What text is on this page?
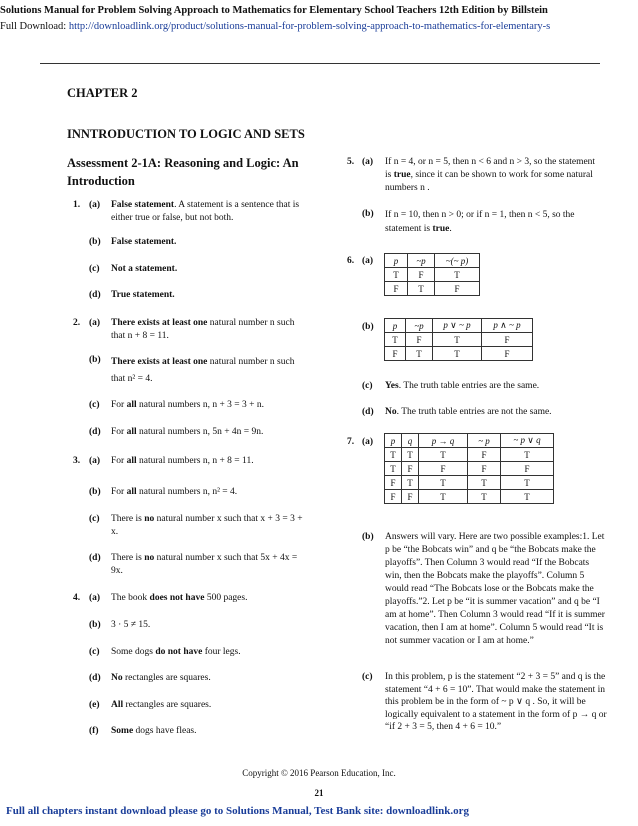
Solutions Manual for Problem Solving Approach to Mathematics for Elementary School Teachers 12th Edition by Billstein
Full Download: http://downloadlink.org/product/solutions-manual-for-problem-solving-approach-to-mathematics-for-elementary-s
CHAPTER 2
INNTRODUCTION TO LOGIC AND SETS
Assessment 2-1A: Reasoning and Logic: An Introduction
1. (a) False statement. A statement is a sentence that is either true or false, but not both.
(b) False statement.
(c) Not a statement.
(d) True statement.
2. (a) There exists at least one natural number n such that n + 8 = 11.
(b) There exists at least one natural number n such that n² = 4.
(c) For all natural numbers n, n + 3 = 3 + n.
(d) For all natural numbers n, 5n + 4n = 9n.
3. (a) For all natural numbers n, n + 8 = 11.
(b) For all natural numbers n, n² = 4.
(c) There is no natural number x such that x + 3 = 3 + x.
(d) There is no natural number x such that 5x + 4x = 9x.
4. (a) The book does not have 500 pages.
(b) 3 · 5 ≠ 15.
(c) Some dogs do not have four legs.
(d) No rectangles are squares.
(e) All rectangles are squares.
(f) Some dogs have fleas.
5. (a) If n = 4, or n = 5, then n < 6 and n > 3, so the statement is true, since it can be shown to work for some natural numbers n .
(b) If n = 10, then n > 0; or if n = 1, then n < 5, so the statement is true.
6. (a) p	~p	~(~ p)
T	F	T
F	T	F
(b) p	~p	p ∨ ~ p	p ∧ ~ p
T	F	T	F
F	T	T	F
(c) Yes. The truth table entries are the same.
(d) No. The truth table entries are not the same.
7. (a) p	q	p → q	~ p	~ p ∨ q
T	T	T	F	T
T	F	F	F	F
F	T	T	T	T
F	F	T	T	T
(b) Answers will vary. Here are two possible examples:1. Let p be “the Bobcats win” and q be “the Bobcats make the playoffs”. Then Column 3 would read “If the Bobcats win, then the Bobcats make the playoffs”. Column 5 would read “The Bobcats lose or the Bobcats make the playoffs.”2. Let p be “it is summer vacation” and q be “I am at home”. Then Column 3 would read “If it is summer vacation, then I am at home”. Column 5 would read “It is not summer vacation or I am at home.”
(c) In this problem, p is the statement “2 + 3 = 5” and q is the statement “4 + 6 = 10”. That would make the statement in this problem be in the form of ~ p ∨ q . So, it will be logically equivalent to a statement in the form of p → q or “if 2 + 3 = 5, then 4 + 6 = 10.”
Copyright © 2016 Pearson Education, Inc.
21
Full all chapters instant download please go to Solutions Manual, Test Bank site: downloadlink.org
